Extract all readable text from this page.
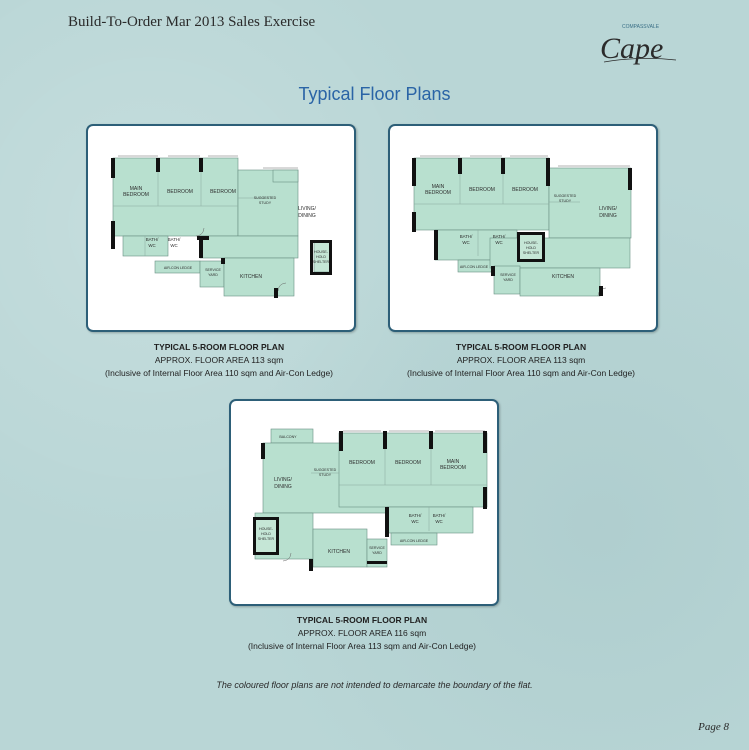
Build-To-Order Mar 2013 Sales Exercise	COMPASSVALE
Cape
Typical Floor Plans
MAIN
BEDROOM	BEDROOM	BEDROOM
SUGGESTED
STUDY
LIVING/
DINING
BATH/
WC
BATH/
WC
AIR-CON LEDGE	SERVICE
YARD	KITCHEN
HOUSE-
HOLD
SHELTER
TYPICAL 5-ROOM FLOOR PLAN
APPROX. FLOOR AREA 113 sqm
(Inclusive of Internal Floor Area 110 sqm and Air-Con Ledge)
MAIN
BEDROOM	BEDROOM	BEDROOM
SUGGESTED
STUDY
LIVING/
DINING
BATH/
WC
BATH/
WC	HOUSE-
HOLD
SHELTER
AIR-CON LEDGE
SERVICE
YARD	KITCHEN
TYPICAL 5-ROOM FLOOR PLAN
APPROX. FLOOR AREA 113 sqm
(Inclusive of Internal Floor Area 110 sqm and Air-Con Ledge)
BALCONY
LIVING/
DINING
SUGGESTED
STUDY
BEDROOM	BEDROOM	MAIN
BEDROOM
BATH/
WC
BATH/
WC
HOUSE-
HOLD
SHELTER
KITCHEN
SERVICE
YARD
AIR-CON LEDGE
TYPICAL 5-ROOM FLOOR PLAN
APPROX. FLOOR AREA 116 sqm
(Inclusive of Internal Floor Area 113 sqm and Air-Con Ledge)
The coloured floor plans are not intended to demarcate the boundary of the flat.
Page 8
